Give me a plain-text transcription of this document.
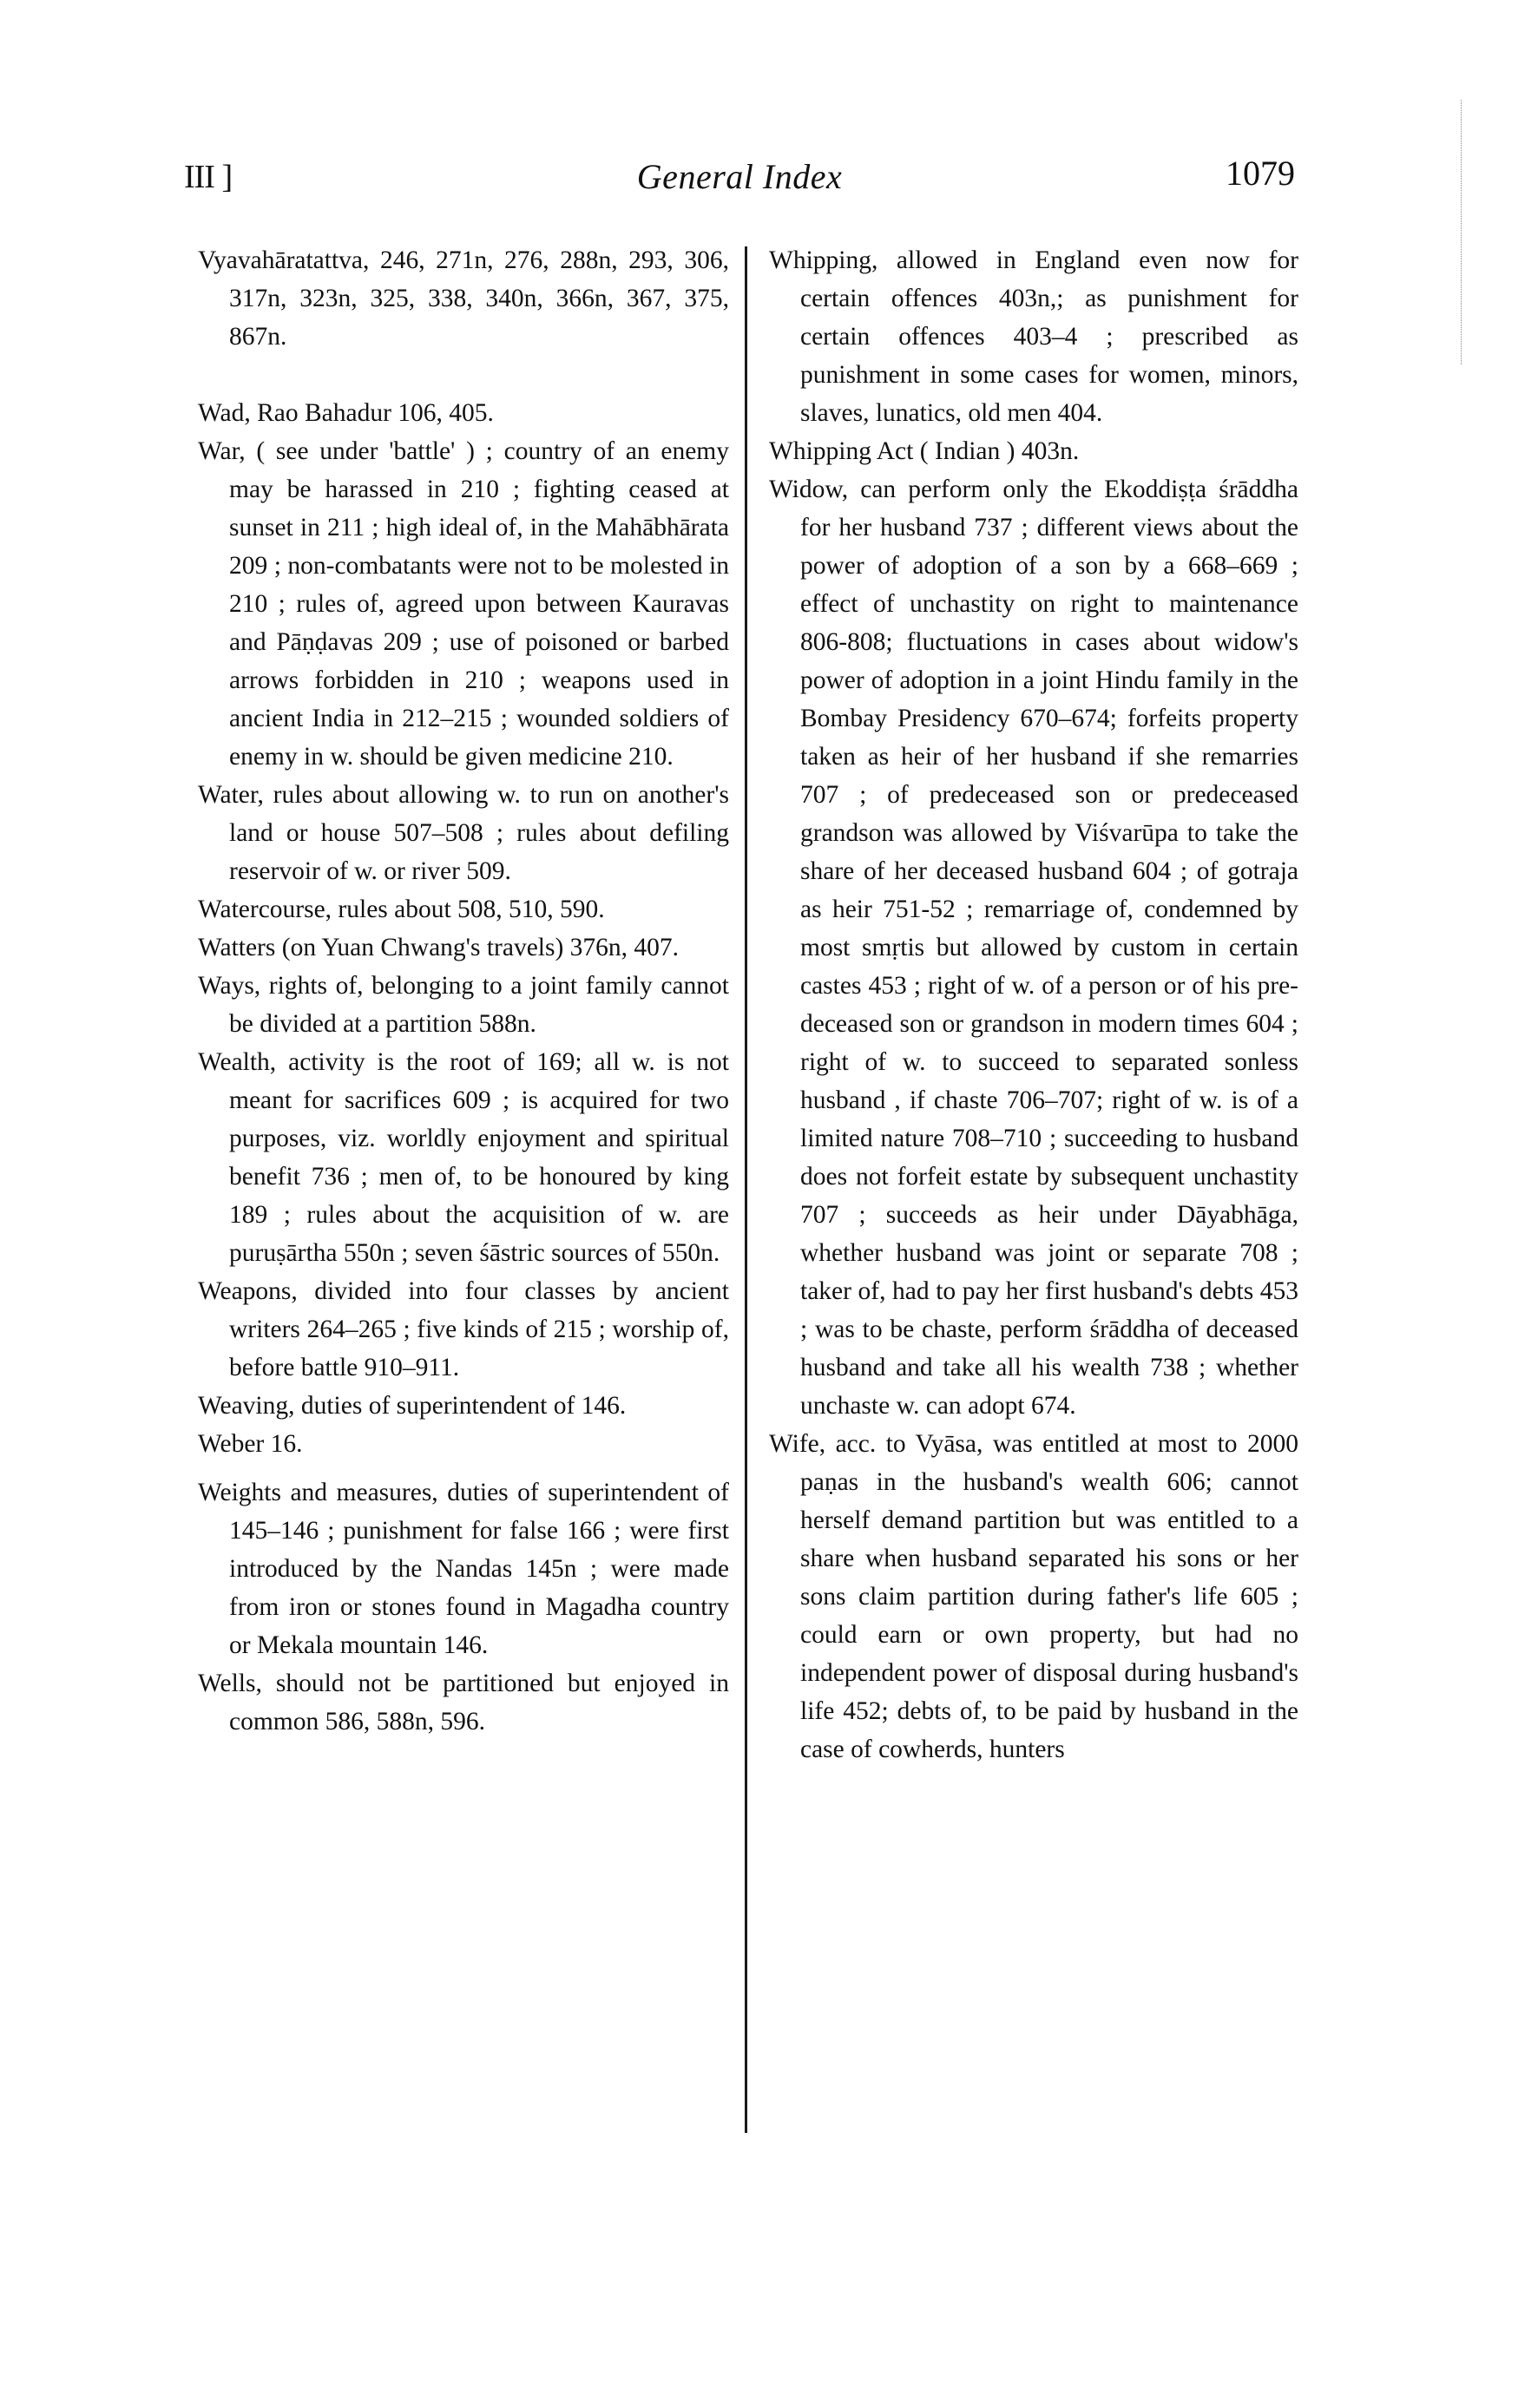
III ]	General Index	1079

Vyavahāratattva, 246, 271n, 276, 288n, 293, 306, 317n, 323n, 325, 338, 340n, 366n, 367, 375, 867n.

Wad, Rao Bahadur 106, 405.

War, ( see under 'battle' ) ; country of an enemy may be harassed in 210 ; fighting ceased at sunset in 211 ; high ideal of, in the Mahābhārata 209 ; non-combatants were not to be molested in 210 ; rules of, agreed upon between Kauravas and Pāṇḍavas 209 ; use of poisoned or barbed arrows forbidden in 210 ; weapons used in ancient India in 212–215 ; wounded soldiers of enemy in w. should be given medicine 210.

Water, rules about allowing w. to run on another's land or house 507–508 ; rules about defiling reservoir of w. or river 509.

Watercourse, rules about 508, 510, 590.

Watters (on Yuan Chwang's travels) 376n, 407.

Ways, rights of, belonging to a joint family cannot be divided at a partition 588n.

Wealth, activity is the root of 169; all w. is not meant for sacrifices 609 ; is acquired for two purposes, viz. worldly enjoyment and spiritual benefit 736 ; men of, to be honoured by king 189 ; rules about the acquisition of w. are puruṣārtha 550n ; seven śāstric sources of 550n.

Weapons, divided into four classes by ancient writers 264–265 ; five kinds of 215 ; worship of, before battle 910–911.

Weaving, duties of superintendent of 146.

Weber 16.

Weights and measures, duties of superintendent of 145–146 ; punishment for false 166 ; were first introduced by the Nandas 145n ; were made from iron or stones found in Magadha country or Mekala mountain 146.

Wells, should not be partitioned but enjoyed in common 586, 588n, 596.

Whipping, allowed in England even now for certain offences 403n,; as punishment for certain offences 403–4 ; prescribed as punishment in some cases for women, minors, slaves, lunatics, old men 404.

Whipping Act ( Indian ) 403n.

Widow, can perform only the Ekoddiṣṭa śrāddha for her husband 737 ; different views about the power of adoption of a son by a 668–669 ; effect of unchastity on right to maintenance 806-808; fluctuations in cases about widow's power of adoption in a joint Hindu family in the Bombay Presidency 670–674; forfeits property taken as heir of her husband if she remarries 707 ; of predeceased son or predeceased grandson was allowed by Viśvarūpa to take the share of her deceased husband 604 ; of gotraja as heir 751-52 ; remarriage of, condemned by most smṛtis but allowed by custom in certain castes 453 ; right of w. of a person or of his predeceased son or grandson in modern times 604 ; right of w. to succeed to separated sonless husband , if chaste 706–707; right of w. is of a limited nature 708–710 ; succeeding to husband does not forfeit estate by subsequent unchastity 707 ; succeeds as heir under Dāyabhāga, whether husband was joint or separate 708 ; taker of, had to pay her first husband's debts 453 ; was to be chaste, perform śrāddha of deceased husband and take all his wealth 738 ; whether unchaste w. can adopt 674.

Wife, acc. to Vyāsa, was entitled at most to 2000 paṇas in the husband's wealth 606; cannot herself demand partition but was entitled to a share when husband separated his sons or her sons claim partition during father's life 605 ; could earn or own property, but had no independent power of disposal during husband's life 452; debts of, to be paid by husband in the case of cowherds, hunters
